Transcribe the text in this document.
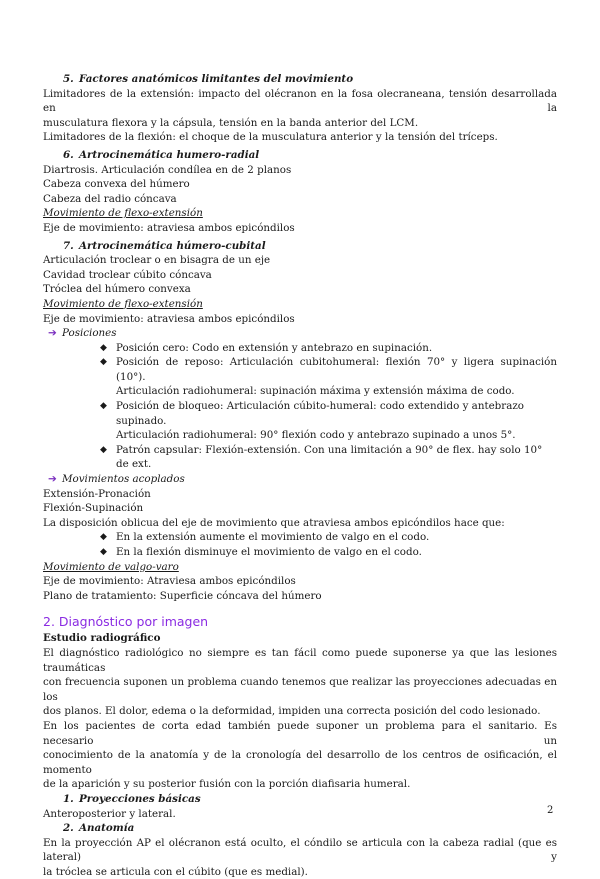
5. Factores anatómicos limitantes del movimiento
Limitadores de la extensión: impacto del olécranon en la fosa olecraneana, tensión desarrollada en la
musculatura flexora y la cápsula, tensión en la banda anterior del LCM.
Limitadores de la flexión: el choque de la musculatura anterior y la tensión del tríceps.
6. Artrocinemática humero-radial
Diartrosis. Articulación condílea en de 2 planos
Cabeza convexa del húmero
Cabeza del radio cóncava
Movimiento de flexo-extensión
Eje de movimiento: atraviesa ambos epicóndilos
7. Artrocinemática húmero-cubital
Articulación troclear o en bisagra de un eje
Cavidad troclear cúbito cóncava
Tróclea del húmero convexa
Movimiento de flexo-extensión
Eje de movimiento: atraviesa ambos epicóndilos
➔ Posiciones
◆ Posición cero: Codo en extensión y antebrazo en supinación.
◆ Posición de reposo: Articulación cubitohumeral: flexión 70° y ligera supinación (10°).
Articulación radiohumeral: supinación máxima y extensión máxima de codo.
◆ Posición de bloqueo: Articulación cúbito-humeral: codo extendido y antebrazo supinado.
Articulación radiohumeral: 90° flexión codo y antebrazo supinado a unos 5°.
◆ Patrón capsular: Flexión-extensión. Con una limitación a 90° de flex. hay solo 10° de ext.
➔ Movimientos acoplados
Extensión-Pronación
Flexión-Supinación
La disposición oblicua del eje de movimiento que atraviesa ambos epicóndilos hace que:
◆ En la extensión aumente el movimiento de valgo en el codo.
◆ En la flexión disminuye el movimiento de valgo en el codo.
Movimiento de valgo-varo
Eje de movimiento: Atraviesa ambos epicóndilos
Plano de tratamiento: Superficie cóncava del húmero
2. Diagnóstico por imagen
Estudio radiográfico
El diagnóstico radiológico no siempre es tan fácil como puede suponerse ya que las lesiones traumáticas
con frecuencia suponen un problema cuando tenemos que realizar las proyecciones adecuadas en los
dos planos. El dolor, edema o la deformidad, impiden una correcta posición del codo lesionado.
En los pacientes de corta edad también puede suponer un problema para el sanitario. Es necesario un
conocimiento de la anatomía y de la cronología del desarrollo de los centros de osificación, el momento
de la aparición y su posterior fusión con la porción diafisaria humeral.
1. Proyecciones básicas
Anteroposterior y lateral.
2. Anatomía
En la proyección AP el olécranon está oculto, el cóndilo se articula con la cabeza radial (que es lateral) y
la tróclea se articula con el cúbito (que es medial).
2
